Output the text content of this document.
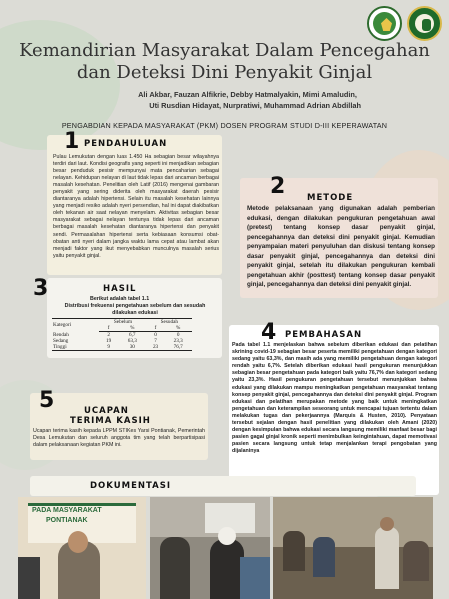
Kemandirian Masyarakat Dalam Pencegahan
dan Deteksi Dini Penyakit Ginjal
Ali Akbar, Fauzan Alfikrie, Debby Hatmalyakin, Mimi Amaludin,
Uti Rusdian Hidayat, Nurpratiwi, Muhammad Adrian Abdillah
PENGABDIAN KEPADA MASYARAKAT (PKM) DOSEN PROGRAM STUDI D-III KEPERAWATAN
1 PENDAHULUAN
Pulau Lemukutan dengan luas 1.450 Ha sebagian besar wilayahnya terdiri dari laut. Kondisi geografis yang seperti ini menjadikan sebagian besar penduduk pesisir mempunyai mata pencaharian sebagai nelayan. Kehidupan nelayan di laut tidak lepas dari ancaman berbagai masalah kesehatan. Penelitian oleh Latif (2016) mengenai gambaran penyakit yang sering diderita oleh masyarakat daerah pesisir diantaranya adalah hipertensi. Selain itu masalah kesehatan lainnya yang menjadi resiko adalah nyeri persendian, hal ini dapat diakibatkan oleh tekanan air saat nelayan menyelam. Aktivitas sebagian besar masyarakat sebagai nelayan tentunya tidak lepas dari ancaman berbagai masalah kesehatan diantaranya hipertensi dan penyakit sendi. Permasalahan hipertensi serta kebiasaan konsumsi obat-obatan anti nyeri dalam jangka waktu lama cepat atau lambat akan menjadi faktor yang ikut menyebabkan munculnya masalah serius yaitu penyakit ginjal.
2	METODE
Metode pelaksanaan yang digunakan adalah pemberian edukasi, dengan dilakukan pengukuran pengetahuan awal (pretest) tentang konsep dasar penyakit ginjal, pencegahannya dan deteksi dini penyakit ginjal. Kemudian penyampaian materi penyuluhan dan diskusi tentang konsep dasar penyakit ginjal, pencegahannya dan deteksi dini penyakit ginjal, setelah itu dilakukan pengukuran kembali pengetahuan akhir (posttest) tentang konsep dasar penyakit ginjal, pencegahannya dan deteksi dini penyakit ginjal.
3	HASIL
Berikut adalah tabel 1.1
Distribusi frekuensi pengetahuan sebelum dan sesudah
dilakukan edukasi
Kategori	Sebelum		Sesudah	
	f	%	f	%
Rendah	2	6,7	0	0
Sedang	19	63,3	7	23,3
Tinggi	9	30	23	76,7
4 PEMBAHASAN
Pada tabel 1.1 menjelaskan bahwa sebelum diberikan edukasi dan pelatihan skrining covid-19 sebagian besar peserta memiliki pengetahuan dengan kategori sedang yaitu 63,3%, dan masih ada yang memiliki pengetahuan dengan kategori rendah yaitu 6,7%. Setelah diberikan edukasi hasil pengukuran menunjukkan sebagian besar pengetahuan pada kategori baik yaitu 76,7% dan kategori sedang yaitu 23,3%. Hasil pengukuran pengetahuan tersebut menunjukkan bahwa edukasi yang dilakukan mampu meningkatkan pengetahuan masyarakat tentang konsep penyakit ginjal, pencegahannya dan deteksi dini penyakit ginjal. Program edukasi dan pelatihan merupakan metode yang baik untuk meningkatkan pengetahuan dan keterampilan seseorang untuk mencapai tujuan tertentu dalam melakukan tugas dan pekerjaannya (Marquis & Husten, 2010). Penyataan tersebut sejalan dengan hasil penelitian yang dilakukan oleh Amani (2020) dengan kesimpulan bahwa edukasi secara langsung memiliki manfaat besar bagi pasien gagal ginjal kronik seperti menimbulkan keingintahuan, dapat memotivasi pasien secara langsung untuk tetap menjalankan terapi pengobatan yang dijalaninya
5	UCAPAN
TERIMA KASIH
Ucapan terima kasih kepada LPPM STIKes Yarsi Pontianak, Pemerintah Desa Lemukutan dan seluruh anggota tim yang telah berpartisipasi dalam pelaksanaan kegiatan PKM ini.
DOKUMENTASI
PADA MASYARAKAT
PONTIANAK
